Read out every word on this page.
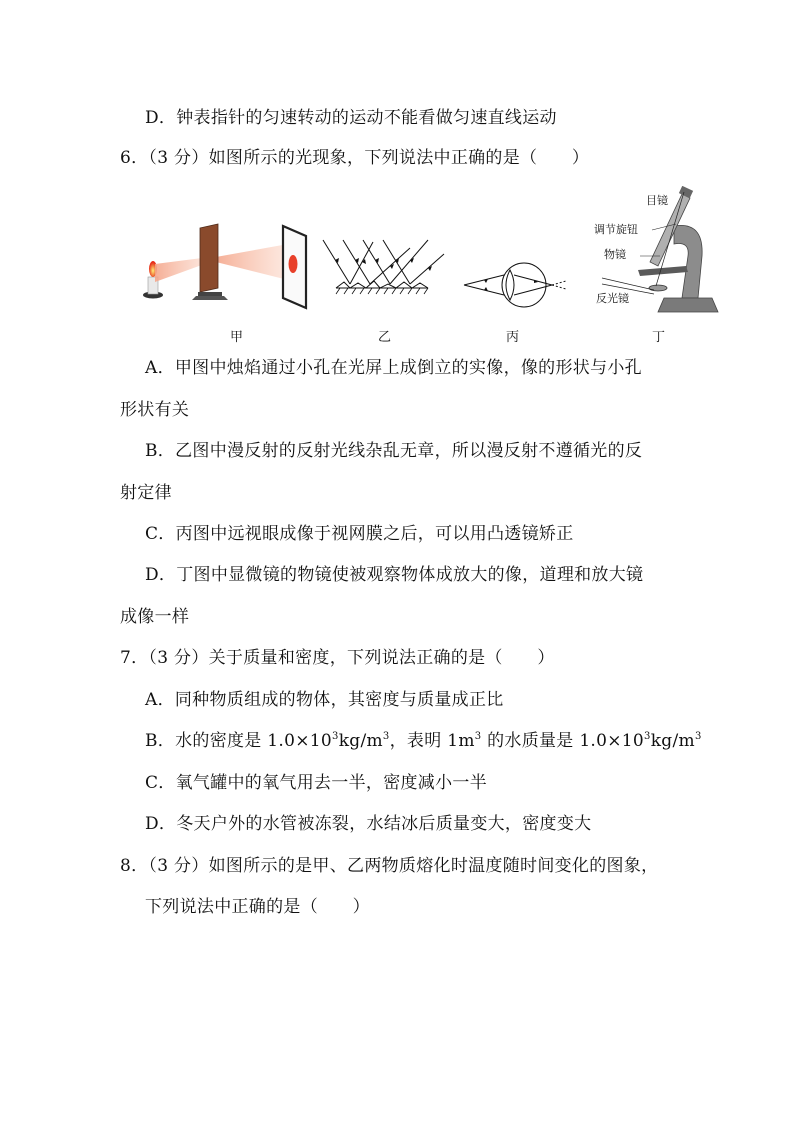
D．钟表指针的匀速转动的运动不能看做匀速直线运动
6．（3 分）如图所示的光现象，下列说法中正确的是（　　）
甲	乙	丙
目镜
调节旋钮
物镜
反光镜
丁
A．甲图中烛焰通过小孔在光屏上成倒立的实像，像的形状与小孔
形状有关
B．乙图中漫反射的反射光线杂乱无章，所以漫反射不遵循光的反
射定律
C．丙图中远视眼成像于视网膜之后，可以用凸透镜矫正
D．丁图中显微镜的物镜使被观察物体成放大的像，道理和放大镜
成像一样
7．（3 分）关于质量和密度，下列说法正确的是（　　）
A．同种物质组成的物体，其密度与质量成正比
B．水的密度是 $1.0\times 10^3kg/m^3$，表明 $1m^3$ 的水质量是 $1.0\times 10^3kg/m^3$
C．氧气罐中的氧气用去一半，密度减小一半
D．冬天户外的水管被冻裂，水结冰后质量变大，密度变大
8．（3 分）如图所示的是甲、乙两物质熔化时温度随时间变化的图象，
下列说法中正确的是（　　）
